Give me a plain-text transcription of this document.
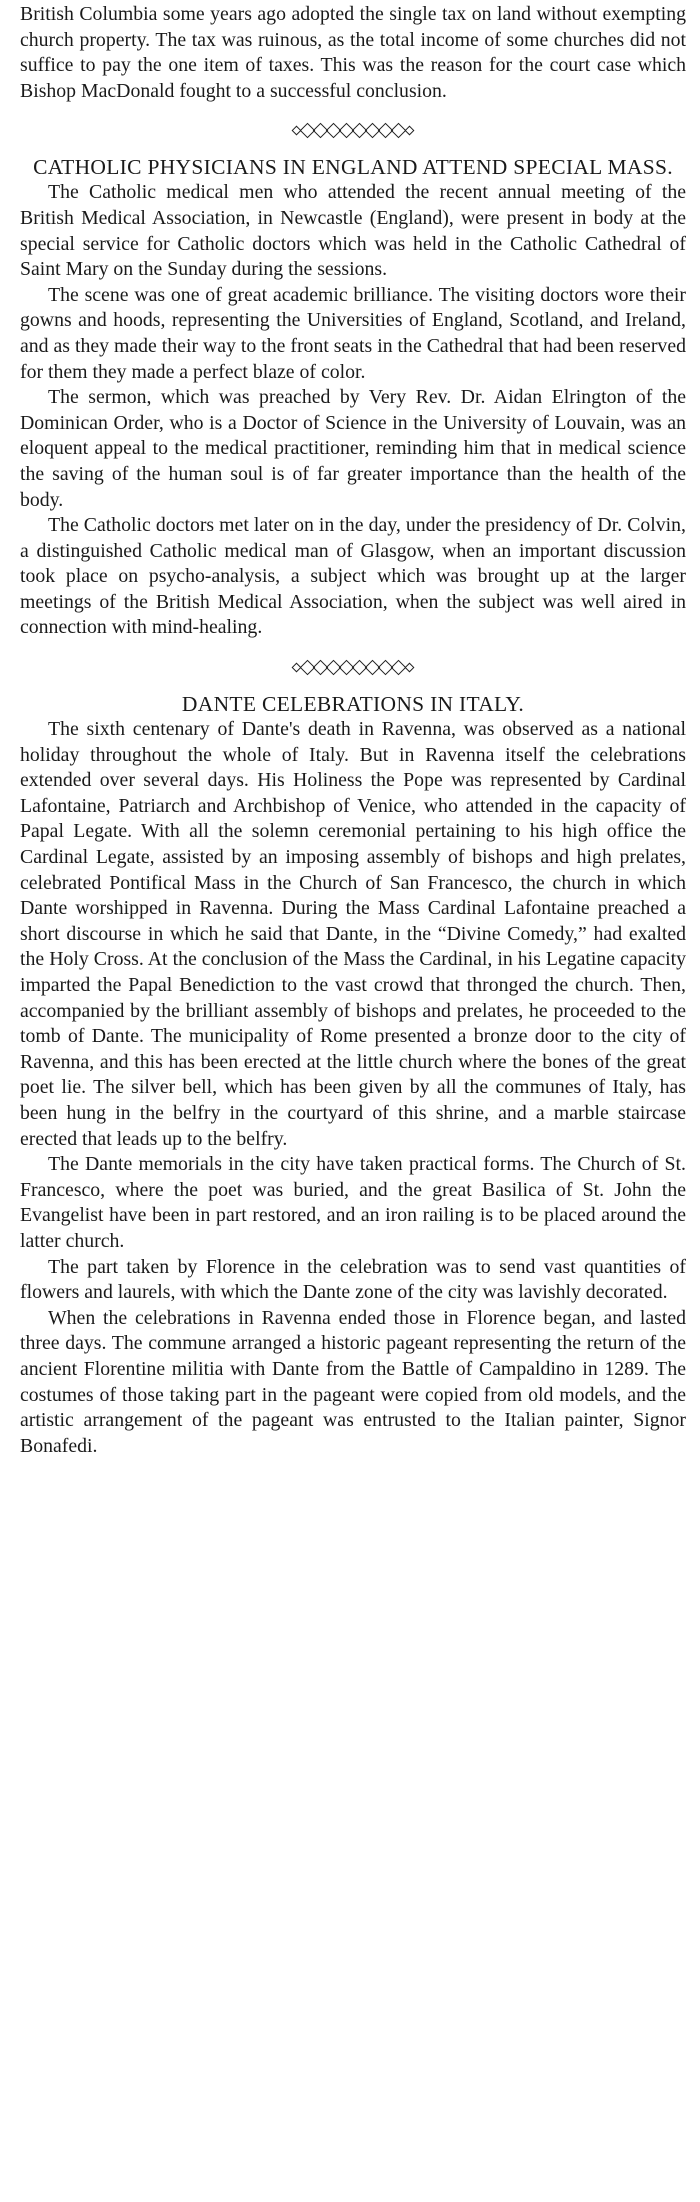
British Columbia some years ago adopted the single tax on land without exempting church property. The tax was ruinous, as the total income of some churches did not suffice to pay the one item of taxes. This was the reason for the court case which Bishop MacDonald fought to a successful conclusion.

CATHOLIC PHYSICIANS IN ENGLAND ATTEND SPECIAL MASS.

The Catholic medical men who attended the recent annual meeting of the British Medical Association, in Newcastle (England), were present in body at the special service for Catholic doctors which was held in the Catholic Cathedral of Saint Mary on the Sunday during the sessions.

The scene was one of great academic brilliance. The visiting doctors wore their gowns and hoods, representing the Universities of England, Scotland, and Ireland, and as they made their way to the front seats in the Cathedral that had been reserved for them they made a perfect blaze of color.

The sermon, which was preached by Very Rev. Dr. Aidan Elrington of the Dominican Order, who is a Doctor of Science in the University of Louvain, was an eloquent appeal to the medical practitioner, reminding him that in medical science the saving of the human soul is of far greater importance than the health of the body.

The Catholic doctors met later on in the day, under the presidency of Dr. Colvin, a distinguished Catholic medical man of Glasgow, when an important discussion took place on psycho-analysis, a subject which was brought up at the larger meetings of the British Medical Association, when the subject was well aired in connection with mind-healing.

DANTE CELEBRATIONS IN ITALY.

The sixth centenary of Dante's death in Ravenna, was observed as a national holiday throughout the whole of Italy. But in Ravenna itself the celebrations extended over several days. His Holiness the Pope was represented by Cardinal Lafontaine, Patriarch and Archbishop of Venice, who attended in the capacity of Papal Legate. With all the solemn ceremonial pertaining to his high office the Cardinal Legate, assisted by an imposing assembly of bishops and high prelates, celebrated Pontifical Mass in the Church of San Francesco, the church in which Dante worshipped in Ravenna. During the Mass Cardinal Lafontaine preached a short discourse in which he said that Dante, in the “Divine Comedy,” had exalted the Holy Cross. At the conclusion of the Mass the Cardinal, in his Legatine capacity imparted the Papal Benediction to the vast crowd that thronged the church. Then, accompanied by the brilliant assembly of bishops and prelates, he proceeded to the tomb of Dante. The municipality of Rome presented a bronze door to the city of Ravenna, and this has been erected at the little church where the bones of the great poet lie. The silver bell, which has been given by all the communes of Italy, has been hung in the belfry in the courtyard of this shrine, and a marble staircase erected that leads up to the belfry.

The Dante memorials in the city have taken practical forms. The Church of St. Francesco, where the poet was buried, and the great Basilica of St. John the Evangelist have been in part restored, and an iron railing is to be placed around the latter church.

The part taken by Florence in the celebration was to send vast quantities of flowers and laurels, with which the Dante zone of the city was lavishly decorated.

When the celebrations in Ravenna ended those in Florence began, and lasted three days. The commune arranged a historic pageant representing the return of the ancient Florentine militia with Dante from the Battle of Campaldino in 1289. The costumes of those taking part in the pageant were copied from old models, and the artistic arrangement of the pageant was entrusted to the Italian painter, Signor Bonafedi.
